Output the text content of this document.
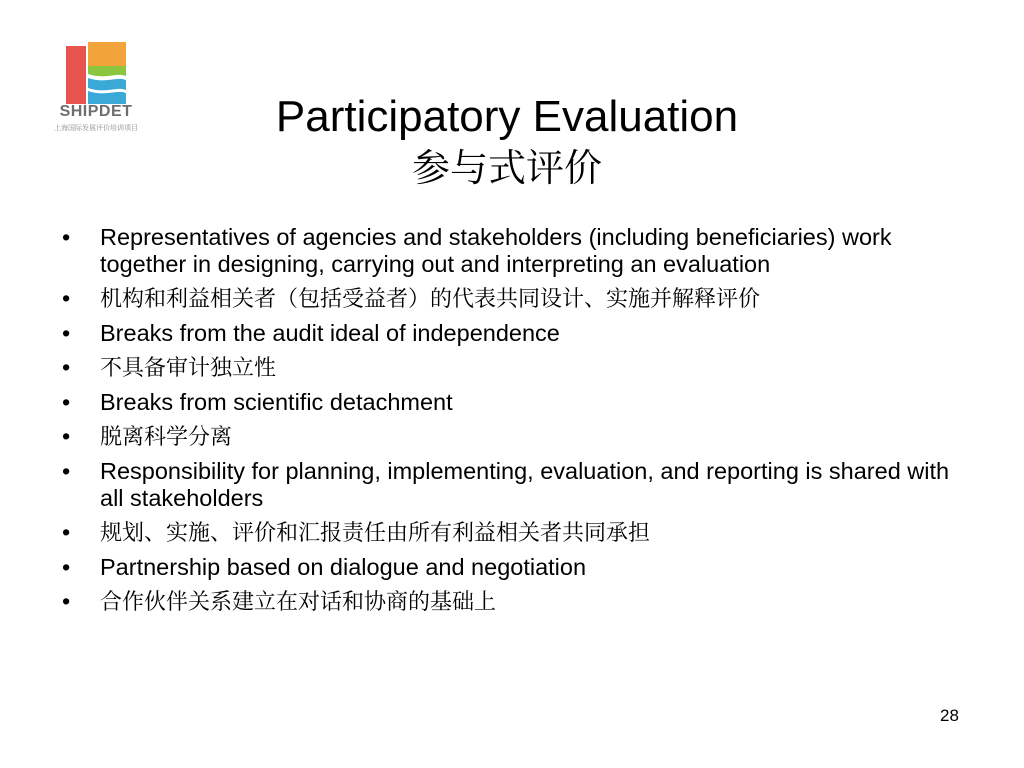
SHIPDET
上海国际发展评价培训项目	Participatory Evaluation
参与式评价
• Representatives of agencies and stakeholders (including beneficiaries) work together in designing, carrying out and interpreting an evaluation
• 机构和利益相关者（包括受益者）的代表共同设计、实施并解释评价
• Breaks from the audit ideal of independence
• 不具备审计独立性
• Breaks from scientific detachment
• 脱离科学分离
• Responsibility for planning, implementing, evaluation, and reporting is shared with all stakeholders
• 规划、实施、评价和汇报责任由所有利益相关者共同承担
• Partnership based on dialogue and negotiation
• 合作伙伴关系建立在对话和协商的基础上
28
